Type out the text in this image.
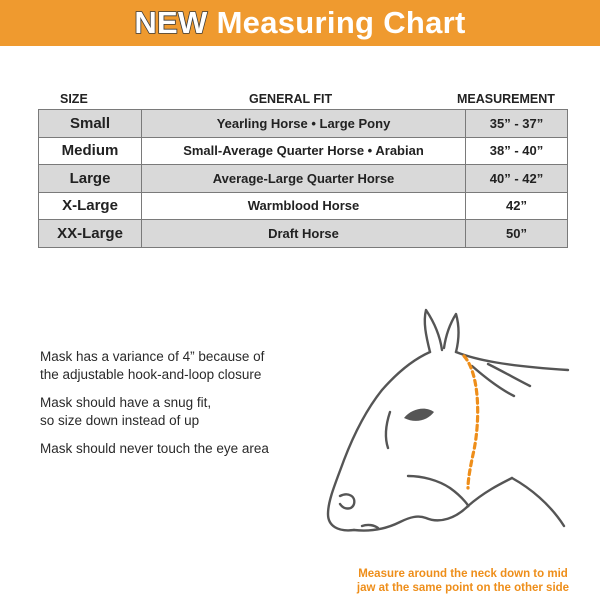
NEW Measuring Chart
SIZE	GENERAL FIT	MEASUREMENT
Small	Yearling Horse • Large Pony	35” - 37”
Medium	Small-Average Quarter Horse • Arabian	38” - 40”
Large	Average-Large Quarter Horse	40” - 42”
X-Large	Warmblood Horse	42”
XX-Large	Draft Horse	50”

Mask has a variance of 4” because of
the adjustable hook-and-loop closure

Mask should have a snug fit,
so size down instead of up

Mask should never touch the eye area

Measure around the neck down to mid
jaw at the same point on the other side
